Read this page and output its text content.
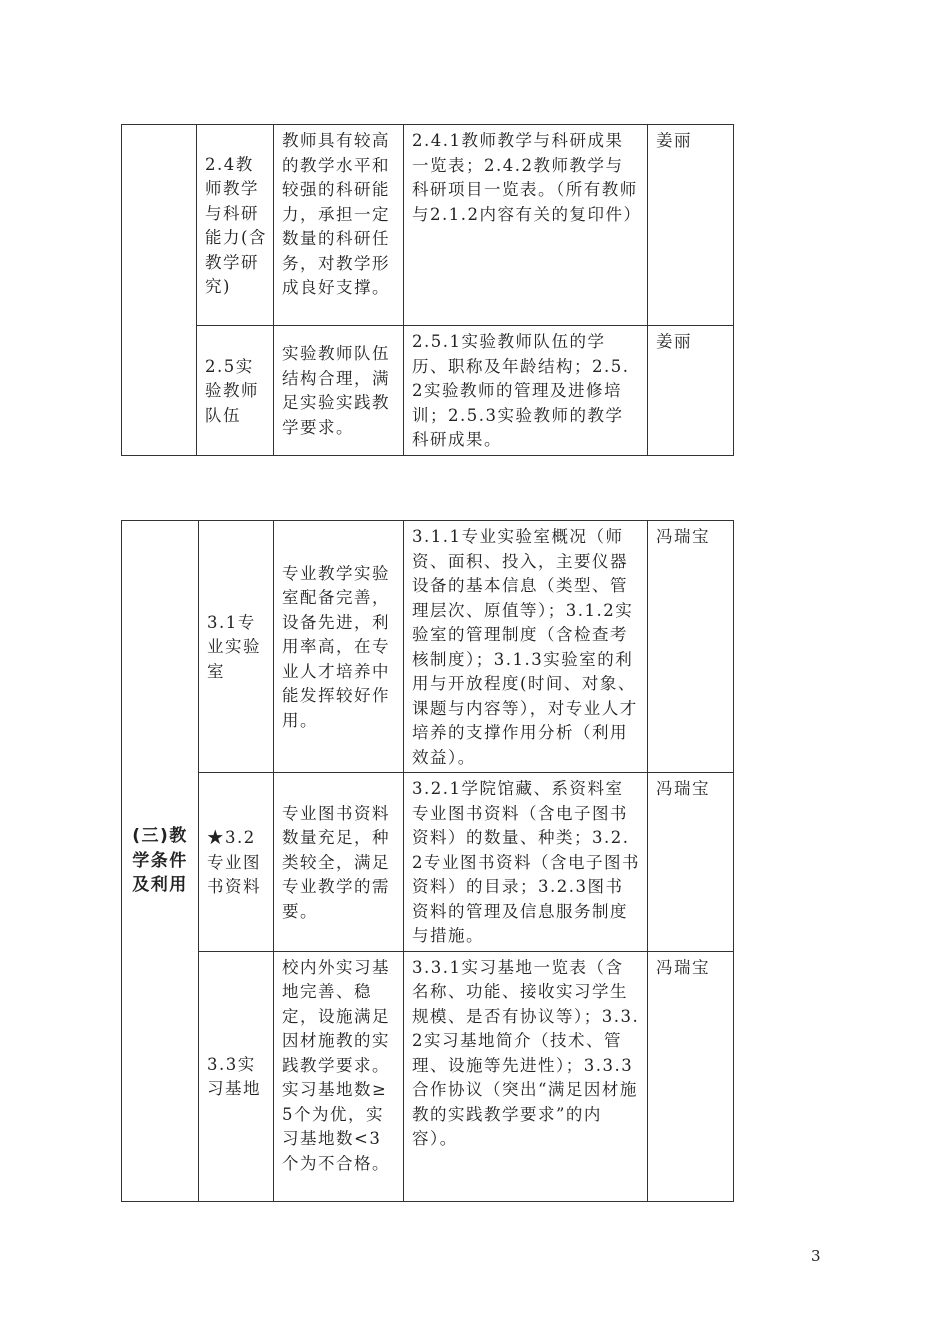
	2.4教师教学与科研能力(含教学研究)	教师具有较高的教学水平和较强的科研能力，承担一定数量的科研任务，对教学形成良好支撑。	2.4.1教师教学与科研成果一览表；2.4.2教师教学与科研项目一览表。（所有教师与2.1.2内容有关的复印件）	姜丽
	2.5实验教师队伍	实验教师队伍结构合理，满足实验实践教学要求。	2.5.1实验教师队伍的学历、职称及年龄结构；2.5.2实验教师的管理及进修培训；2.5.3实验教师的教学科研成果。	姜丽
(三)教学条件及利用	3.1专业实验室	专业教学实验室配备完善，设备先进，利用率高，在专业人才培养中能发挥较好作用。	3.1.1专业实验室概况（师资、面积、投入，主要仪器设备的基本信息（类型、管理层次、原值等）；3.1.2实验室的管理制度（含检查考核制度）；3.1.3实验室的利用与开放程度(时间、对象、课题与内容等），对专业人才培养的支撑作用分析（利用效益）。	冯瑞宝
	★3.2专业图书资料	专业图书资料数量充足，种类较全，满足专业教学的需要。	3.2.1学院馆藏、系资料室专业图书资料（含电子图书资料）的数量、种类；3.2.2专业图书资料（含电子图书资料）的目录；3.2.3图书资料的管理及信息服务制度与措施。	冯瑞宝
	3.3实习基地	校内外实习基地完善、稳定，设施满足因材施教的实践教学要求。实习基地数≥5个为优，实习基地数<3个为不合格。	3.3.1实习基地一览表（含名称、功能、接收实习学生规模、是否有协议等）；3.3.2实习基地简介（技术、管理、设施等先进性）；3.3.3合作协议（突出“满足因材施教的实践教学要求”的内容）。	冯瑞宝
3
